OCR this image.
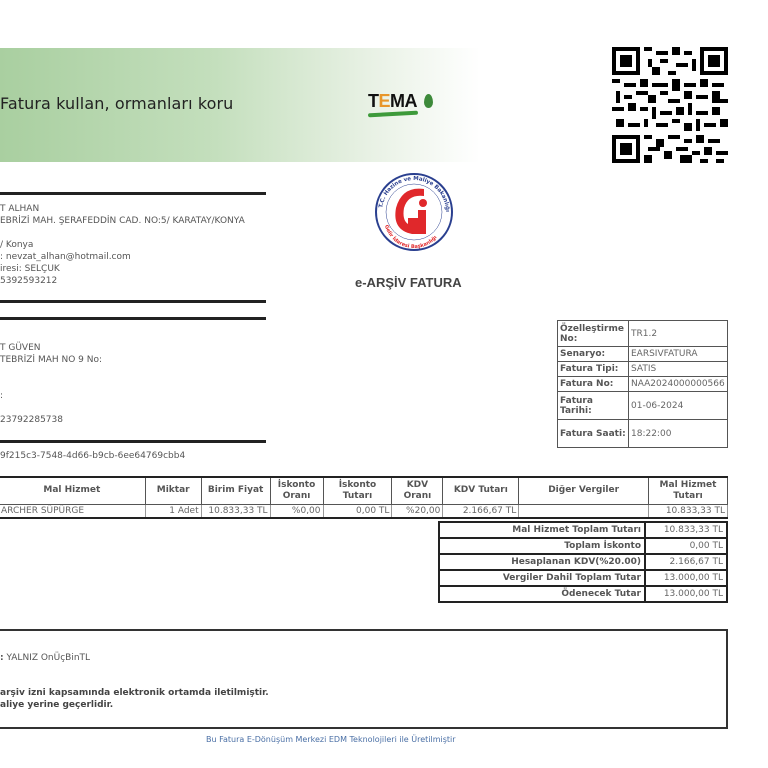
Fatura kullan, ormanları koru	TEMA
T ALHAN
EBRİZİ MAH. ŞERAFEDDİN CAD. NO:5/ KARATAY/KONYA
/ Konya
: nevzat_alhan@hotmail.com
iresi: SELÇUK
5392593212
T.C. Hazine ve Maliye Bakanlığı
Gelir İdaresi Başkanlığı
e-ARŞİV FATURA
T GÜVEN
TEBRİZİ MAH NO 9 No:
:
23792285738
9f215c3-7548-4d66-b9cb-6ee64769cbb4
Özelleştirme No:	TR1.2
Senaryo:	EARSIVFATURA
Fatura Tipi:	SATIS
Fatura No:	NAA2024000000566
Fatura Tarihi:	01-06-2024
Fatura Saati:	18:22:00
Mal Hizmet	Miktar	Birim Fiyat	İskonto Oranı	İskonto Tutarı	KDV Oranı	KDV Tutarı	Diğer Vergiler	Mal Hizmet Tutarı
ARCHER SÜPÜRGE	1 Adet	10.833,33 TL	%0,00	0,00 TL	%20,00	2.166,67 TL		10.833,33 TL
Mal Hizmet Toplam Tutarı	10.833,33 TL
Toplam İskonto	0,00 TL
Hesaplanan KDV(%20.00)	2.166,67 TL
Vergiler Dahil Toplam Tutar	13.000,00 TL
Ödenecek Tutar	13.000,00 TL
: YALNIZ OnÜçBinTL
arşiv izni kapsamında elektronik ortamda iletilmiştir.
aliye yerine geçerlidir.
Bu Fatura E-Dönüşüm Merkezi EDM Teknolojileri ile Üretilmiştir
